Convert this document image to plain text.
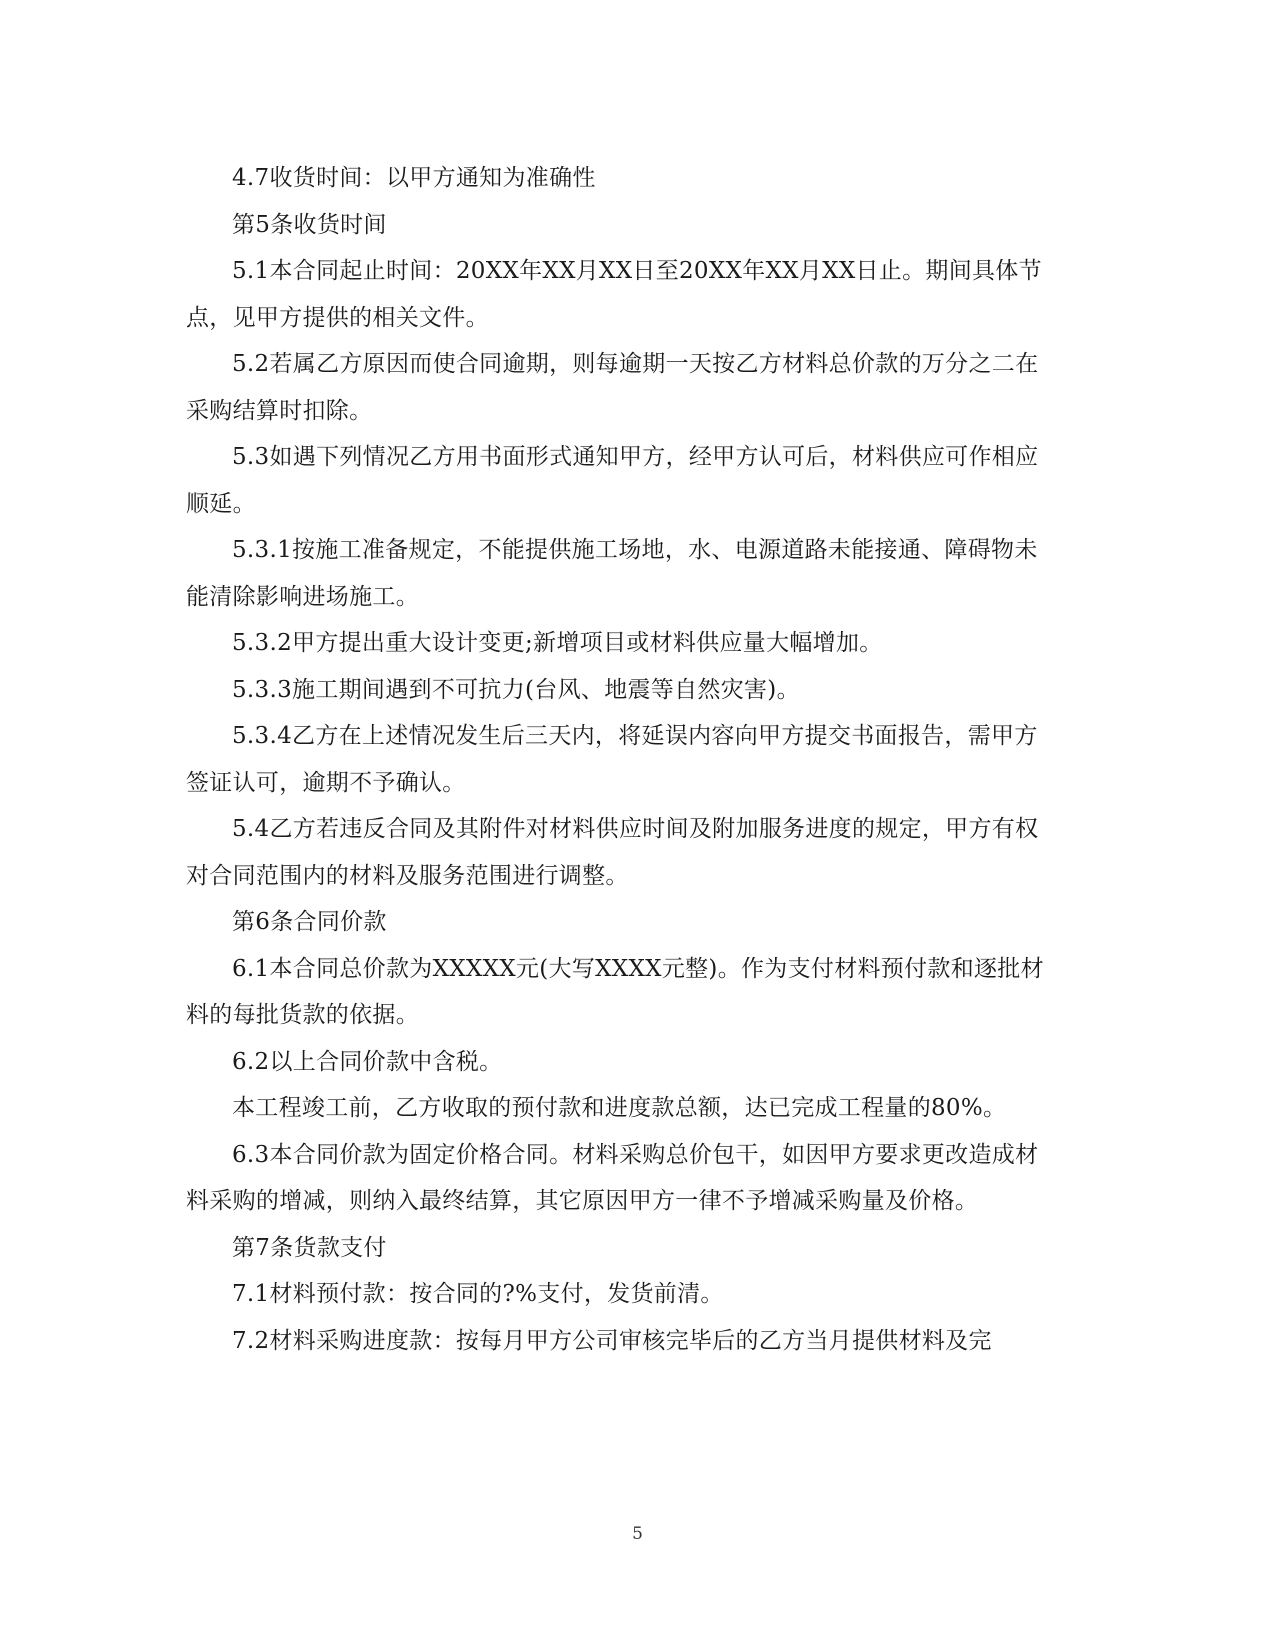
4.7收货时间：以甲方通知为准确性

第5条收货时间

5.1本合同起止时间：20XX年XX月XX日至20XX年XX月XX日止。期间具体节点，见甲方提供的相关文件。

5.2若属乙方原因而使合同逾期，则每逾期一天按乙方材料总价款的万分之二在采购结算时扣除。

5.3如遇下列情况乙方用书面形式通知甲方，经甲方认可后，材料供应可作相应顺延。

5.3.1按施工准备规定，不能提供施工场地，水、电源道路未能接通、障碍物未能清除影响进场施工。

5.3.2甲方提出重大设计变更;新增项目或材料供应量大幅增加。

5.3.3施工期间遇到不可抗力(台风、地震等自然灾害)。

5.3.4乙方在上述情况发生后三天内，将延误内容向甲方提交书面报告，需甲方签证认可，逾期不予确认。

5.4乙方若违反合同及其附件对材料供应时间及附加服务进度的规定，甲方有权对合同范围内的材料及服务范围进行调整。

第6条合同价款

6.1本合同总价款为XXXXX元(大写XXXX元整)。作为支付材料预付款和逐批材料的每批货款的依据。

6.2以上合同价款中含税。

本工程竣工前，乙方收取的预付款和进度款总额，达已完成工程量的80%。

6.3本合同价款为固定价格合同。材料采购总价包干，如因甲方要求更改造成材料采购的增减，则纳入最终结算，其它原因甲方一律不予增减采购量及价格。

第7条货款支付

7.1材料预付款：按合同的?%支付，发货前清。

7.2材料采购进度款：按每月甲方公司审核完毕后的乙方当月提供材料及完

5
